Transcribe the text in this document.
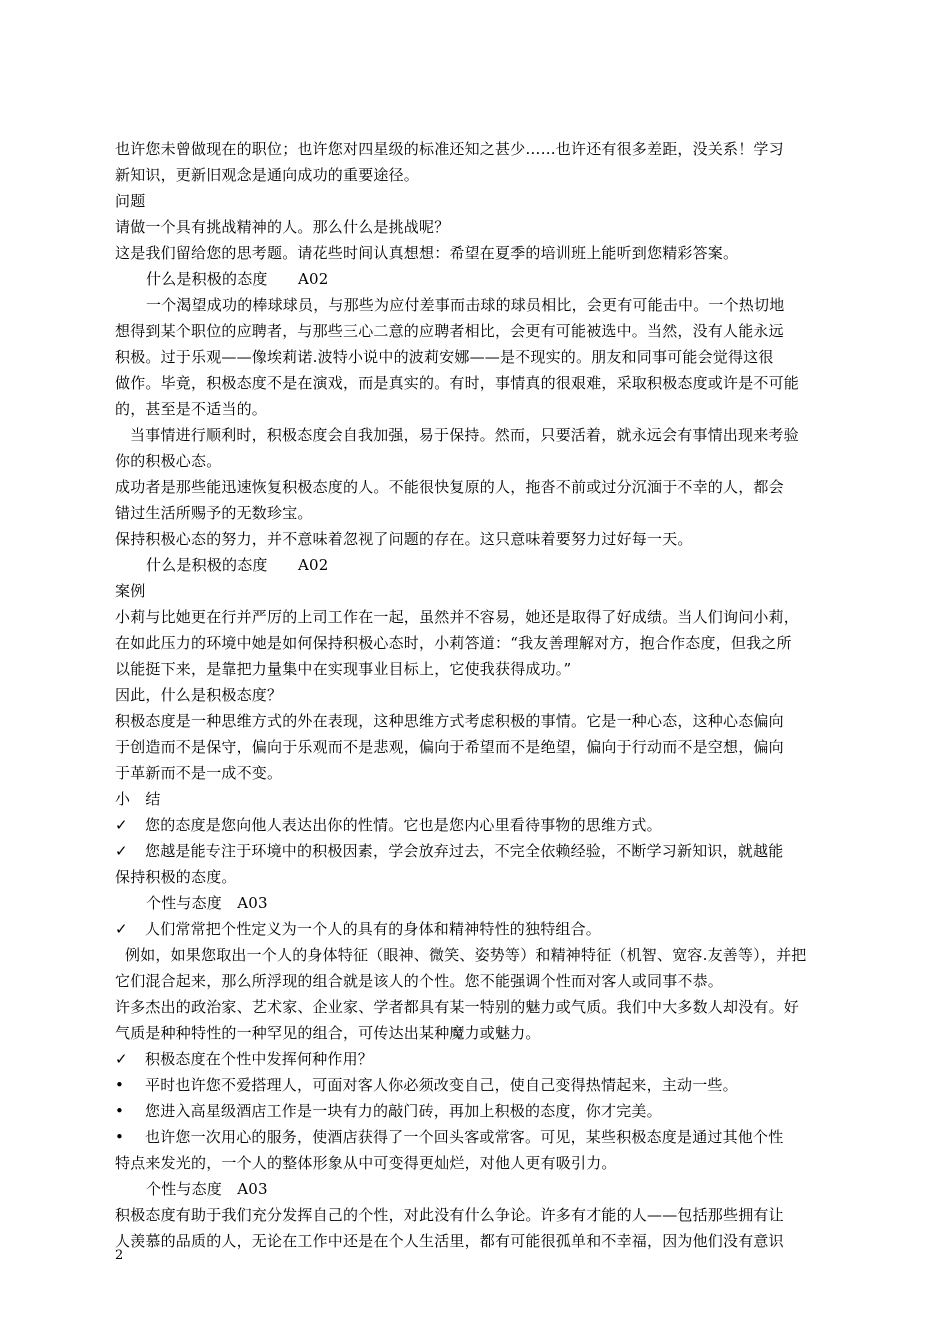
也许您未曾做现在的职位；也许您对四星级的标准还知之甚少……也许还有很多差距，没关系！学习
新知识，更新旧观念是通向成功的重要途径。
问题
请做一个具有挑战精神的人。那么什么是挑战呢？
这是我们留给您的思考题。请花些时间认真想想：希望在夏季的培训班上能听到您精彩答案。
什么是积极的态度　　A02
一个渴望成功的棒球球员，与那些为应付差事而击球的球员相比，会更有可能击中。一个热切地
想得到某个职位的应聘者，与那些三心二意的应聘者相比，会更有可能被选中。当然，没有人能永远
积极。过于乐观——像埃莉诺.波特小说中的波莉安娜——是不现实的。朋友和同事可能会觉得这很
做作。毕竟，积极态度不是在演戏，而是真实的。有时，事情真的很艰难，采取积极态度或许是不可能
的，甚至是不适当的。
当事情进行顺利时，积极态度会自我加强，易于保持。然而，只要活着，就永远会有事情出现来考验
你的积极心态。
成功者是那些能迅速恢复积极态度的人。不能很快复原的人，拖沓不前或过分沉湎于不幸的人，都会
错过生活所赐予的无数珍宝。
保持积极心态的努力，并不意味着忽视了问题的存在。这只意味着要努力过好每一天。
什么是积极的态度　　A02
案例
小莉与比她更在行并严厉的上司工作在一起，虽然并不容易，她还是取得了好成绩。当人们询问小莉，
在如此压力的环境中她是如何保持积极心态时，小莉答道：“我友善理解对方，抱合作态度，但我之所
以能挺下来，是靠把力量集中在实现事业目标上，它使我获得成功。”
因此，什么是积极态度？
积极态度是一种思维方式的外在表现，这种思维方式考虑积极的事情。它是一种心态，这种心态偏向
于创造而不是保守，偏向于乐观而不是悲观，偏向于希望而不是绝望，偏向于行动而不是空想，偏向
于革新而不是一成不变。
小　结
✓ 您的态度是您向他人表达出你的性情。它也是您内心里看待事物的思维方式。
✓ 您越是能专注于环境中的积极因素，学会放弃过去，不完全依赖经验，不断学习新知识，就越能
保持积极的态度。
个性与态度　A03
✓ 人们常常把个性定义为一个人的具有的身体和精神特性的独特组合。
例如，如果您取出一个人的身体特征（眼神、微笑、姿势等）和精神特征（机智、宽容.友善等），并把
它们混合起来，那么所浮现的组合就是该人的个性。您不能强调个性而对客人或同事不恭。
许多杰出的政治家、艺术家、企业家、学者都具有某一特别的魅力或气质。我们中大多数人却没有。好
气质是种种特性的一种罕见的组合，可传达出某种魔力或魅力。
✓ 积极态度在个性中发挥何种作用？
• 平时也许您不爱搭理人，可面对客人你必须改变自己，使自己变得热情起来，主动一些。
• 您进入高星级酒店工作是一块有力的敲门砖，再加上积极的态度，你才完美。
• 也许您一次用心的服务，使酒店获得了一个回头客或常客。可见，某些积极态度是通过其他个性
特点来发光的，一个人的整体形象从中可变得更灿烂，对他人更有吸引力。
个性与态度　A03
积极态度有助于我们充分发挥自己的个性，对此没有什么争论。许多有才能的人——包括那些拥有让
人羡慕的品质的人，无论在工作中还是在个人生活里，都有可能很孤单和不幸福，因为他们没有意识
2
